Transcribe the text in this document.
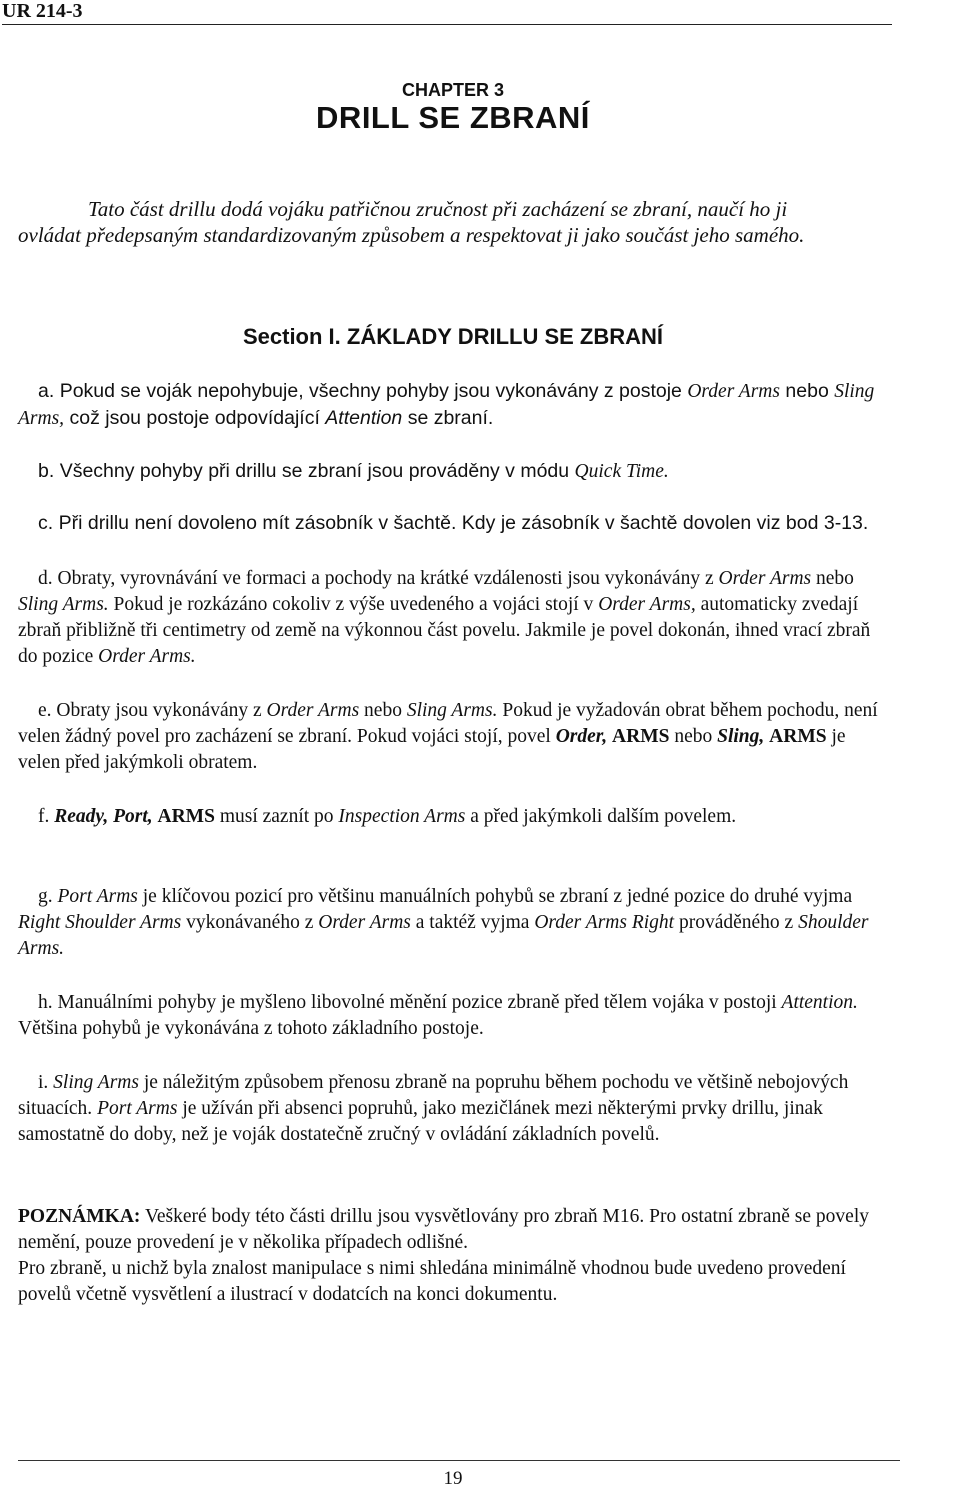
UR 214-3
CHAPTER 3
DRILL SE ZBRANÍ
Tato část drillu dodá vojáku patřičnou zručnost při zacházení se zbraní, naučí ho ji ovládat předepsaným standardizovaným způsobem a respektovat ji jako součást jeho samého.
Section I. ZÁKLADY DRILLU SE ZBRANÍ
a. Pokud se voják nepohybuje, všechny pohyby jsou vykonávány z postoje Order Arms nebo Sling Arms, což jsou postoje odpovídající Attention se zbraní.
b. Všechny pohyby při drillu se zbraní jsou prováděny v módu Quick Time.
c. Při drillu není dovoleno mít zásobník v šachtě. Kdy je zásobník v šachtě dovolen viz bod 3-13.
d. Obraty, vyrovnávání ve formaci a pochody na krátké vzdálenosti jsou vykonávány z Order Arms nebo Sling Arms. Pokud je rozkázáno cokoliv z výše uvedeného a vojáci stojí v Order Arms, automaticky zvedají zbraň přibližně tři centimetry od země na výkonnou část povelu. Jakmile je povel dokonán, ihned vrací zbraň do pozice Order Arms.
e. Obraty jsou vykonávány z Order Arms nebo Sling Arms. Pokud je vyžadován obrat během pochodu, není velen žádný povel pro zacházení se zbraní. Pokud vojáci stojí, povel Order, ARMS nebo Sling, ARMS je velen před jakýmkoli obratem.
f. Ready, Port, ARMS musí zaznít po Inspection Arms a před jakýmkoli dalším povelem.
g. Port Arms je klíčovou pozicí pro většinu manuálních pohybů se zbraní z jedné pozice do druhé vyjma Right Shoulder Arms vykonávaného z Order Arms a taktéž vyjma Order Arms Right prováděného z Shoulder Arms.
h. Manuálními pohyby je myšleno libovolné měnění pozice zbraně před tělem vojáka v postoji Attention. Většina pohybů je vykonávána z tohoto základního postoje.
i. Sling Arms je náležitým způsobem přenosu zbraně na popruhu během pochodu ve většině nebojových situacích. Port Arms je užíván při absenci popruhů, jako mezičlánek mezi některými prvky drillu, jinak samostatně do doby, než je voják dostatečně zručný v ovládání základních povelů.
POZNÁMKA: Veškeré body této části drillu jsou vysvětlovány pro zbraň M16. Pro ostatní zbraně se povely nemění, pouze provedení je v několika případech odlišné.
Pro zbraně, u nichž byla znalost manipulace s nimi shledána minimálně vhodnou bude uvedeno provedení povelů včetně vysvětlení a ilustrací v dodatcích na konci dokumentu.
19
